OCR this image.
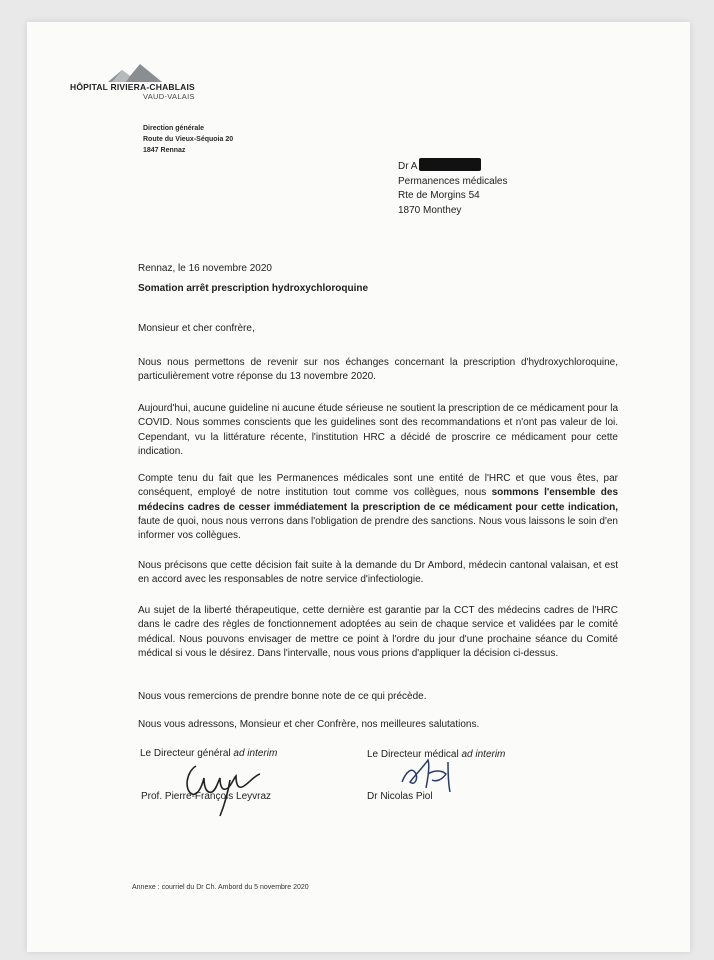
HÔPITAL RIVIERA-CHABLAIS
VAUD-VALAIS
Direction générale
Route du Vieux-Séquoia 20
1847 Rennaz
Dr A
Permanences médicales
Rte de Morgins 54
1870 Monthey
Rennaz, le 16 novembre 2020
Somation arrêt prescription hydroxychloroquine
Monsieur et cher confrère,
Nous nous permettons de revenir sur nos échanges concernant la prescription d'hydroxychloroquine, particulièrement votre réponse du 13 novembre 2020.
Aujourd'hui, aucune guideline ni aucune étude sérieuse ne soutient la prescription de ce médicament pour la COVID. Nous sommes conscients que les guidelines sont des recommandations et n'ont pas valeur de loi. Cependant, vu la littérature récente, l'institution HRC a décidé de proscrire ce médicament pour cette indication.
Compte tenu du fait que les Permanences médicales sont une entité de l'HRC et que vous êtes, par conséquent, employé de notre institution tout comme vos collègues, nous sommons l'ensemble des médecins cadres de cesser immédiatement la prescription de ce médicament pour cette indication, faute de quoi, nous nous verrons dans l'obligation de prendre des sanctions. Nous vous laissons le soin d'en informer vos collègues.
Nous précisons que cette décision fait suite à la demande du Dr Ambord, médecin cantonal valaisan, et est en accord avec les responsables de notre service d'infectiologie.
Au sujet de la liberté thérapeutique, cette dernière est garantie par la CCT des médecins cadres de l'HRC dans le cadre des règles de fonctionnement adoptées au sein de chaque service et validées par le comité médical. Nous pouvons envisager de mettre ce point à l'ordre du jour d'une prochaine séance du Comité médical si vous le désirez. Dans l'intervalle, nous vous prions d'appliquer la décision ci-dessus.
Nous vous remercions de prendre bonne note de ce qui précède.
Nous vous adressons, Monsieur et cher Confrère, nos meilleures salutations.
Le Directeur général ad interim	Le Directeur médical ad interim
Prof. Pierre-François Leyvraz	Dr Nicolas Piol
Annexe : courriel du Dr Ch. Ambord du 5 novembre 2020
